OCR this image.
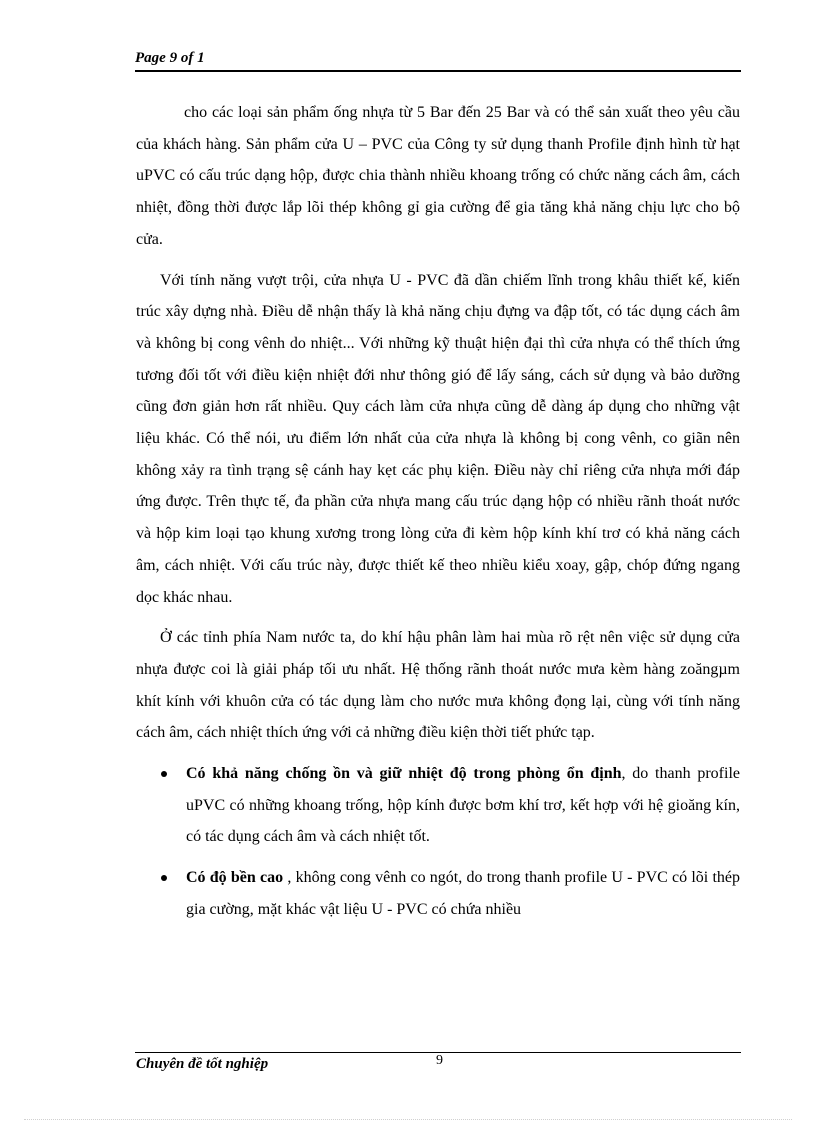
Page 9 of 1

cho các loại sản phẩm ống nhựa từ 5 Bar đến 25 Bar và có thể sản xuất theo yêu cầu của khách hàng. Sản phẩm cửa U – PVC của Công ty sử dụng thanh Profile định hình từ hạt uPVC có cấu trúc dạng hộp, được chia thành nhiều khoang trống có chức năng cách âm, cách nhiệt, đồng thời được lắp lõi thép không gỉ gia cường để gia tăng khả năng chịu lực cho bộ cửa.

Với tính năng vượt trội, cửa nhựa U - PVC đã dần chiếm lĩnh trong khâu thiết kế, kiến trúc xây dựng nhà. Điều dễ nhận thấy là khả năng chịu đựng va đập tốt, có tác dụng cách âm và không bị cong vênh do nhiệt... Với những kỹ thuật hiện đại thì cửa nhựa có thể thích ứng tương đối tốt với điều kiện nhiệt đới như thông gió để lấy sáng, cách sử dụng và bảo dưỡng cũng đơn giản hơn rất nhiều. Quy cách làm cửa nhựa cũng dễ dàng áp dụng cho những vật liệu khác. Có thể nói, ưu điểm lớn nhất của cửa nhựa là không bị cong vênh, co giãn nên không xảy ra tình trạng sệ cánh hay kẹt các phụ kiện. Điều này chỉ riêng cửa nhựa mới đáp ứng được. Trên thực tế, đa phần cửa nhựa mang cấu trúc dạng hộp có nhiều rãnh thoát nước và hộp kim loại tạo khung xương trong lòng cửa đi kèm hộp kính khí trơ có khả năng cách âm, cách nhiệt. Với cấu trúc này, được thiết kế theo nhiều kiểu xoay, gập, chóp đứng ngang dọc khác nhau.

Ở các tỉnh phía Nam nước ta, do khí hậu phân làm hai mùa rõ rệt nên việc sử dụng cửa nhựa được coi là giải pháp tối ưu nhất. Hệ thống rãnh thoát nước mưa kèm hàng zoăngµm khít kính với khuôn cửa có tác dụng làm cho nước mưa không đọng lại, cùng với tính năng cách âm, cách nhiệt thích ứng với cả những điều kiện thời tiết phức tạp.

Có khả năng chống ồn và giữ nhiệt độ trong phòng ổn định, do thanh profile uPVC có những khoang trống, hộp kính được bơm khí trơ, kết hợp với hệ gioăng kín, có tác dụng cách âm và cách nhiệt tốt.
Có độ bền cao , không cong vênh co ngót, do trong thanh profile U - PVC có lõi thép gia cường, mặt khác vật liệu U - PVC có chứa nhiều
Chuyên đề tốt nghiệp	9
